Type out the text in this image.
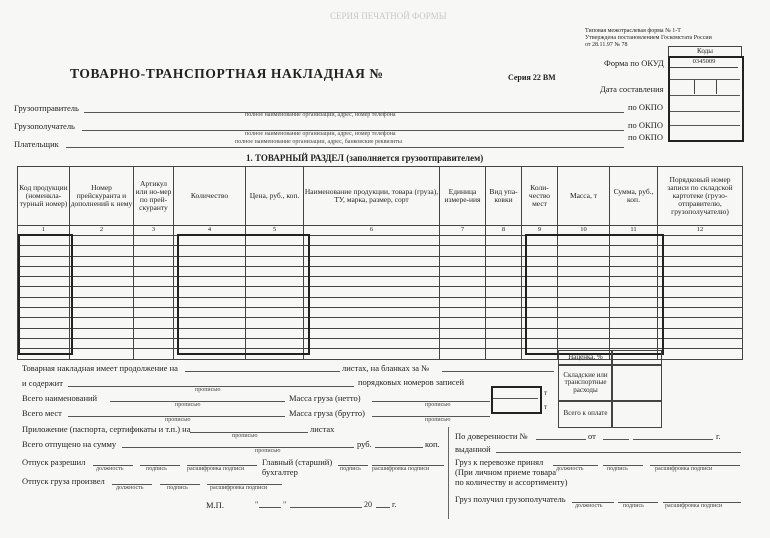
СЕРИЯ ПЕЧАТНОЙ ФОРМЫ
Типовая межотраслевая форма № 1-Т
Утверждена постановлением Госкомстата России
от 28.11.97 № 78
Коды
0345009
Форма по ОКУД
Дата составления
ТОВАРНО-ТРАНСПОРТНАЯ НАКЛАДНАЯ №	Серия 22 ВМ
Грузоотправитель
полное наименование организации, адрес, номер телефона
по ОКПО
Грузополучатель
полное наименование организации, адрес, номер телефона
по ОКПО
Плательщик	полное наименование организации, адрес, банковские реквизиты	по ОКПО
1. ТОВАРНЫЙ РАЗДЕЛ (заполняется грузоотправителем)
Код продукции (номенкла-турный номер)	Номер прейскуранта и дополнений к нему	Артикул или но-мер по прей-скуранту	Количество	Цена, руб., коп.	Наименование продукции, товара (груза), ТУ, марка, размер, сорт	Единица измере-ния	Вид упа-ковки	Коли-чество мест	Масса, т	Сумма, руб., коп.	Порядковый номер записи по складской картотеке (грузо-отправителю, грузополучателю)
1	2	3	4	5	6	7	8	9	10	11	12

Наценка, %
Складские или транспортные расходы
Всего к оплате
Товарная накладная имеет продолжение на	листах, на бланках за №
и содержит
прописью
порядковых номеров записей
Всего наименований
прописью
Масса груза (нетто)
прописью
Всего мест
прописью
Масса груза (брутто)
прописью
т
т
Приложение (паспорта, сертификаты и т.п.) на
прописью
листах
Всего отпущено на сумму
прописью
руб.	коп.
Отпуск разрешил
должность	подпись	расшифровка подписи
Главный (старший)
бухгалтер	подпись расшифровка подписи
Отпуск груза произвел
должность	подпись	расшифровка подписи
М.П.	"	"	20	г.
По доверенности №	от	г.
выданной
Груз к перевозке принял
должность	подпись	расшифровка подписи
(При личном приеме товара
по количеству и ассортименту)
Груз получил грузополучатель
должность	подпись	расшифровка подписи
